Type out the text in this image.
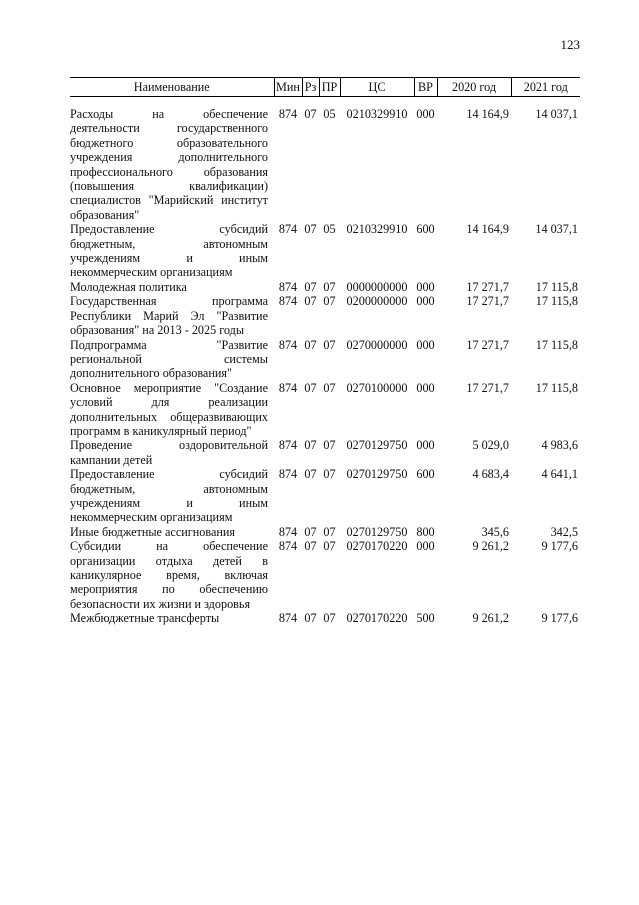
123
Наименование	Мин	Рз	ПР	ЦС	ВР	2020 год	2021 год
Расходы на обеспечение деятельности государственного бюджетного образовательного учреждения дополнительного профессионального образования (повышения квалификации) специалистов "Марийский институт образования"	874	07	05	0210329910	000	14 164,9	14 037,1
Предоставление субсидий бюджетным, автономным учреждениям и иным некоммерческим организациям	874	07	05	0210329910	600	14 164,9	14 037,1
Молодежная политика	874	07	07	0000000000	000	17 271,7	17 115,8
Государственная программа Республики Марий Эл "Развитие образования" на 2013 - 2025 годы	874	07	07	0200000000	000	17 271,7	17 115,8
Подпрограмма "Развитие региональной системы дополнительного образования"	874	07	07	0270000000	000	17 271,7	17 115,8
Основное мероприятие "Создание условий для реализации дополнительных общеразвивающих программ в каникулярный период"	874	07	07	0270100000	000	17 271,7	17 115,8
Проведение оздоровительной кампании детей	874	07	07	0270129750	000	5 029,0	4 983,6
Предоставление субсидий бюджетным, автономным учреждениям и иным некоммерческим организациям	874	07	07	0270129750	600	4 683,4	4 641,1
Иные бюджетные ассигнования	874	07	07	0270129750	800	345,6	342,5
Субсидии на обеспечение организации отдыха детей в каникулярное время, включая мероприятия по обеспечению безопасности их жизни и здоровья	874	07	07	0270170220	000	9 261,2	9 177,6
Межбюджетные трансферты	874	07	07	0270170220	500	9 261,2	9 177,6
